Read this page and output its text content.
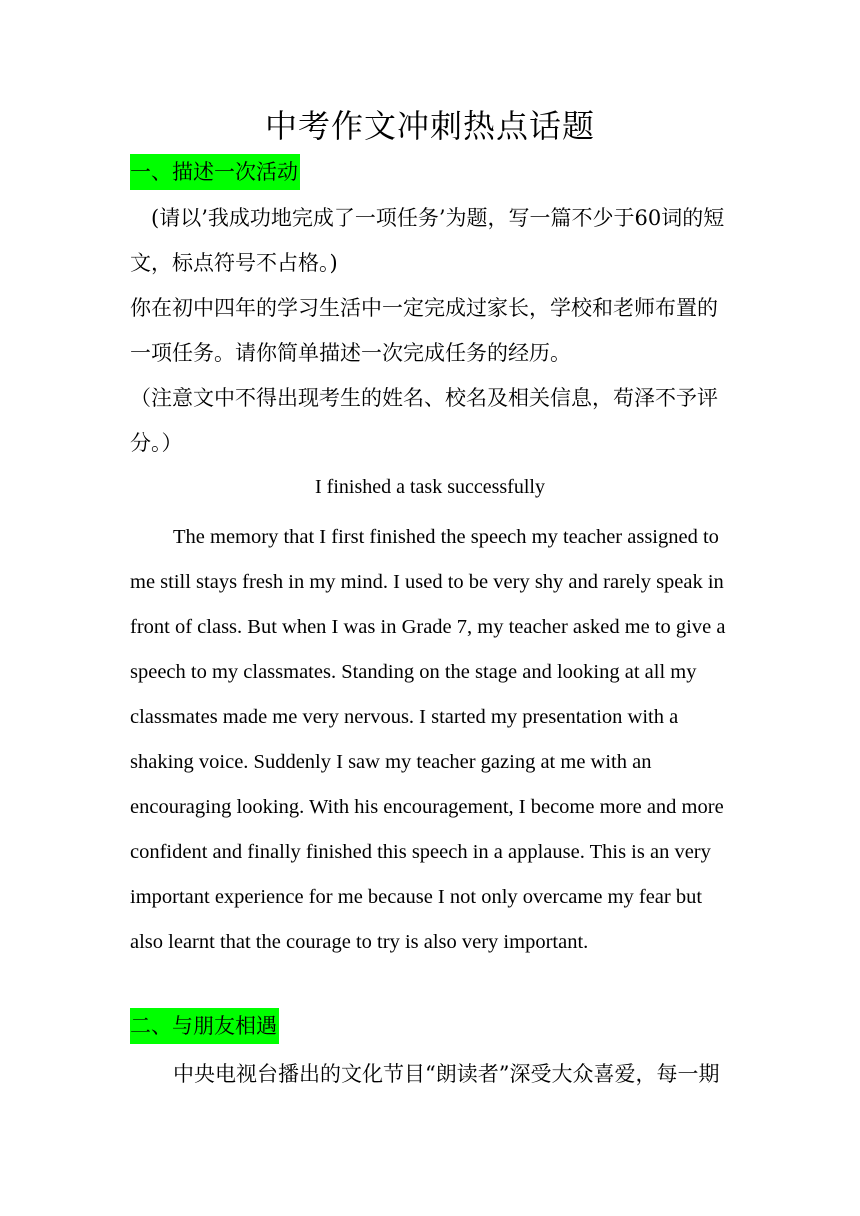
中考作文冲刺热点话题
一、描述一次活动

(请以’我成功地完成了一项任务’为题，写一篇不少于60词的短文，标点符号不占格。)

你在初中四年的学习生活中一定完成过家长，学校和老师布置的一项任务。请你简单描述一次完成任务的经历。

（注意文中不得出现考生的姓名、校名及相关信息，苟泽不予评分。）

I finished a task successfully

The memory that I first finished the speech my teacher assigned to me still stays fresh in my mind. I used to be very shy and rarely speak in front of class. But when I was in Grade 7, my teacher asked me to give a speech to my classmates. Standing on the stage and looking at all my classmates made me very nervous. I started my presentation with a shaking voice. Suddenly I saw my teacher gazing at me with an encouraging looking. With his encouragement, I become more and more confident and finally finished this speech in a applause. This is an very important experience for me because I not only overcame my fear but also learnt that the courage to try is also very important.

二、与朋友相遇

中央电视台播出的文化节目“朗读者”深受大众喜爱，每一期
